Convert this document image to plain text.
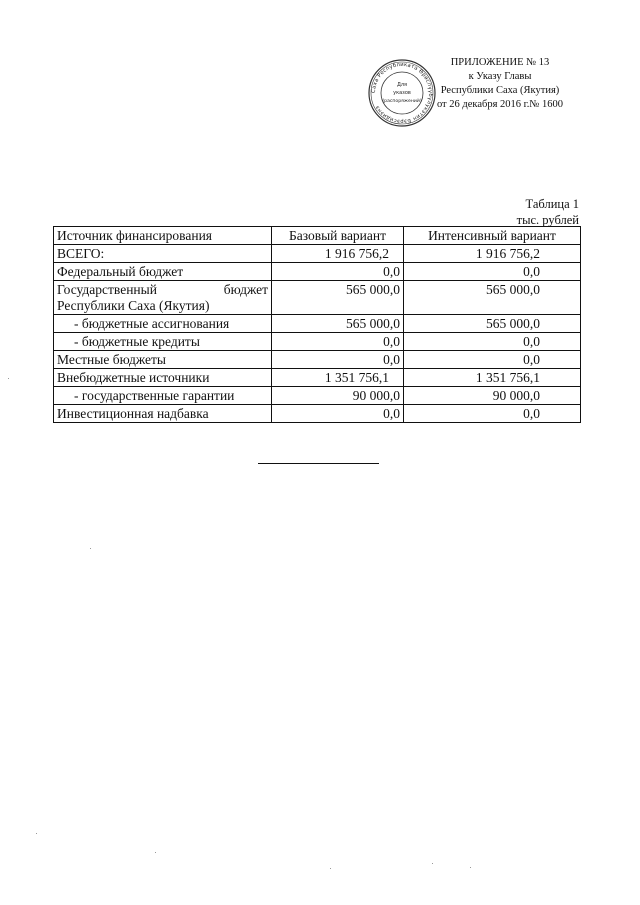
Саха Республиката Өрөспүүбүлүкэтин Бэрэсидиэнэ
Для
указов
(распоряжений)
ПРИЛОЖЕНИЕ № 13
к Указу Главы
Республики Саха (Якутия)
от 26 декабря 2016 г.№ 1600
Таблица 1
тыс. рублей
Источник финансирования	Базовый вариант	Интенсивный вариант
ВСЕГО:	1 916 756,2	1 916 756,2
Федеральный бюджет	0,0	0,0
Государственный бюджет Республики Саха (Якутия)	565 000,0	565 000,0
- бюджетные ассигнования	565 000,0	565 000,0
- бюджетные кредиты	0,0	0,0
Местные бюджеты	0,0	0,0
Внебюджетные источники	1 351 756,1	1 351 756,1
- государственные гарантии	90 000,0	90 000,0
Инвестиционная надбавка	0,0	0,0
